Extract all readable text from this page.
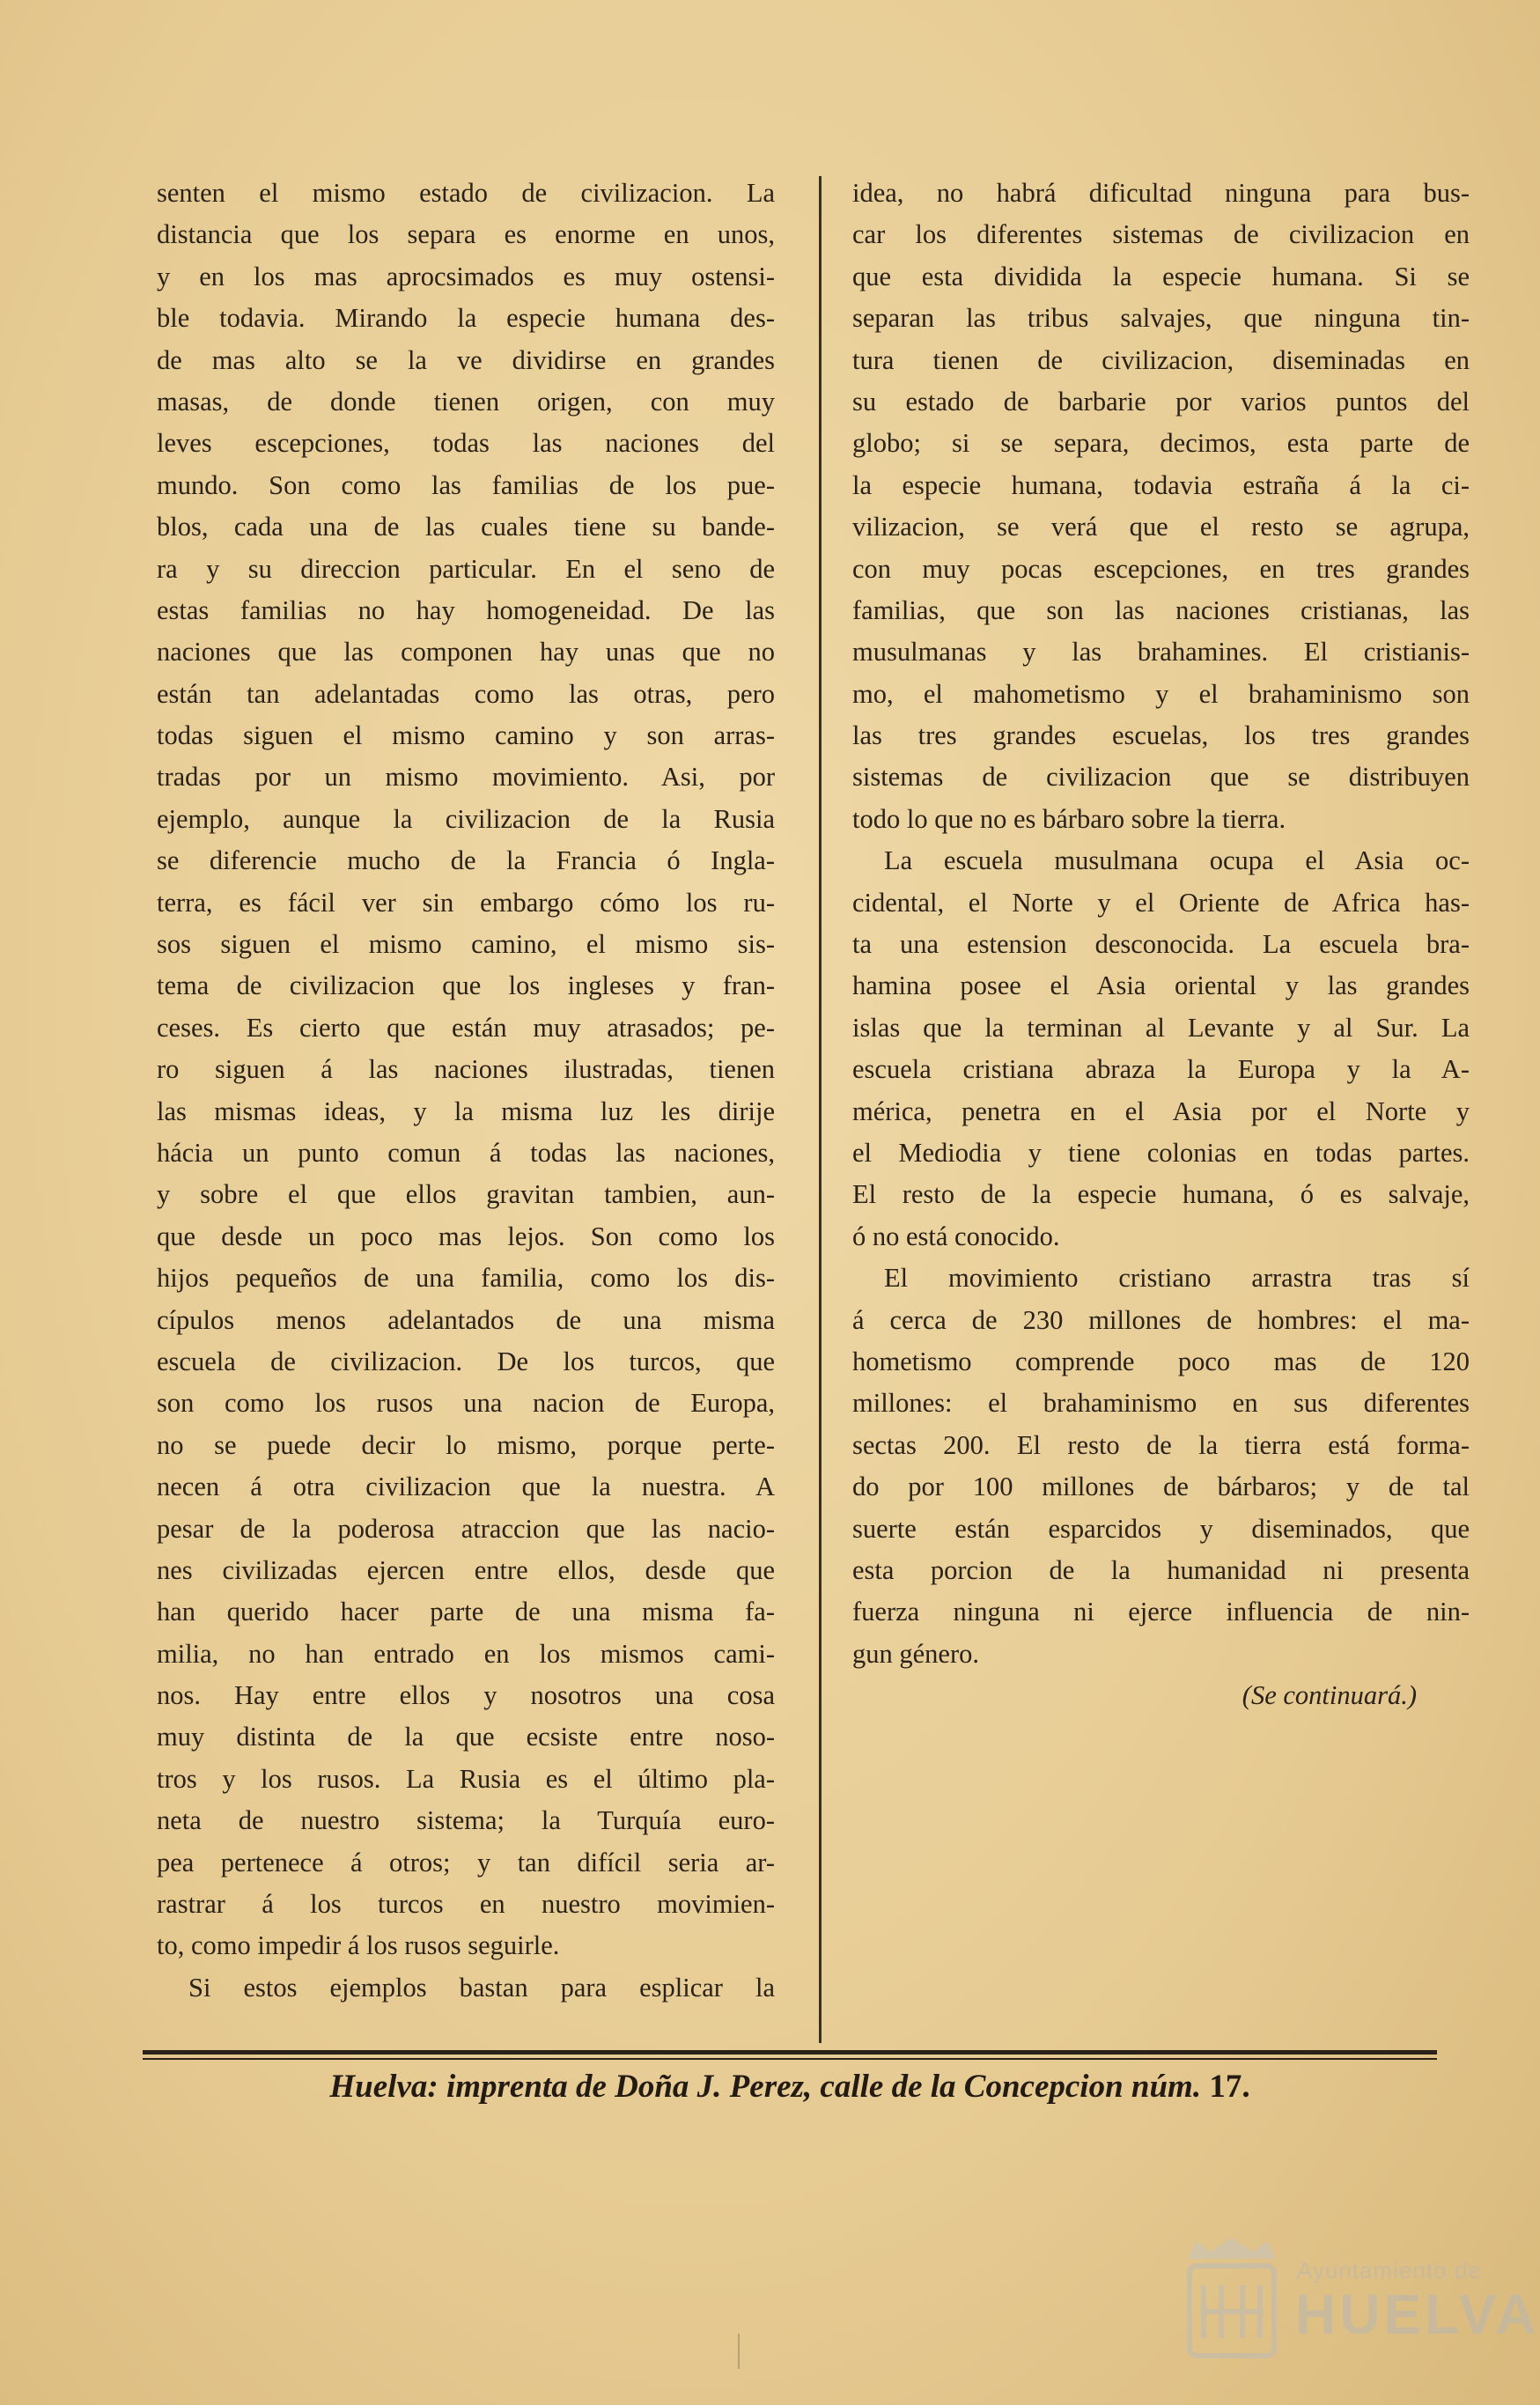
senten el mismo estado de civilizacion. La
distancia que los separa es enorme en unos,
y en los mas aprocsimados es muy ostensi-
ble todavia. Mirando la especie humana des-
de mas alto se la ve dividirse en grandes
masas, de donde tienen origen, con muy
leves escepciones, todas las naciones del
mundo. Son como las familias de los pue-
blos, cada una de las cuales tiene su bande-
ra y su direccion particular. En el seno de
estas familias no hay homogeneidad. De las
naciones que las componen hay unas que no
están tan adelantadas como las otras, pero
todas siguen el mismo camino y son arras-
tradas por un mismo movimiento. Asi, por
ejemplo, aunque la civilizacion de la Rusia
se diferencie mucho de la Francia ó Ingla-
terra, es fácil ver sin embargo cómo los ru-
sos siguen el mismo camino, el mismo sis-
tema de civilizacion que los ingleses y fran-
ceses. Es cierto que están muy atrasados; pe-
ro siguen á las naciones ilustradas, tienen
las mismas ideas, y la misma luz les dirije
hácia un punto comun á todas las naciones,
y sobre el que ellos gravitan tambien, aun-
que desde un poco mas lejos. Son como los
hijos pequeños de una familia, como los dis-
cípulos menos adelantados de una misma
escuela de civilizacion. De los turcos, que
son como los rusos una nacion de Europa,
no se puede decir lo mismo, porque perte-
necen á otra civilizacion que la nuestra. A
pesar de la poderosa atraccion que las nacio-
nes civilizadas ejercen entre ellos, desde que
han querido hacer parte de una misma fa-
milia, no han entrado en los mismos cami-
nos. Hay entre ellos y nosotros una cosa
muy distinta de la que ecsiste entre noso-
tros y los rusos. La Rusia es el último pla-
neta de nuestro sistema; la Turquía euro-
pea pertenece á otros; y tan difícil seria ar-
rastrar á los turcos en nuestro movimien-
to, como impedir á los rusos seguirle.
Si estos ejemplos bastan para esplicar la
idea, no habrá dificultad ninguna para bus-
car los diferentes sistemas de civilizacion en
que esta dividida la especie humana. Si se
separan las tribus salvajes, que ninguna tin-
tura tienen de civilizacion, diseminadas en
su estado de barbarie por varios puntos del
globo; si se separa, decimos, esta parte de
la especie humana, todavia estraña á la ci-
vilizacion, se verá que el resto se agrupa,
con muy pocas escepciones, en tres grandes
familias, que son las naciones cristianas, las
musulmanas y las brahamines. El cristianis-
mo, el mahometismo y el brahaminismo son
las tres grandes escuelas, los tres grandes
sistemas de civilizacion que se distribuyen
todo lo que no es bárbaro sobre la tierra.
La escuela musulmana ocupa el Asia oc-
cidental, el Norte y el Oriente de Africa has-
ta una estension desconocida. La escuela bra-
hamina posee el Asia oriental y las grandes
islas que la terminan al Levante y al Sur. La
escuela cristiana abraza la Europa y la A-
mérica, penetra en el Asia por el Norte y
el Mediodia y tiene colonias en todas partes.
El resto de la especie humana, ó es salvaje,
ó no está conocido.
El movimiento cristiano arrastra tras sí
á cerca de 230 millones de hombres: el ma-
hometismo comprende poco mas de 120
millones: el brahaminismo en sus diferentes
sectas 200. El resto de la tierra está forma-
do por 100 millones de bárbaros; y de tal
suerte están esparcidos y diseminados, que
esta porcion de la humanidad ni presenta
fuerza ninguna ni ejerce influencia de nin-
gun género.
(Se continuará.)
Huelva: imprenta de Doña J. Perez, calle de la Concepcion núm. 17.
Ayuntamiento de
HUELVA
